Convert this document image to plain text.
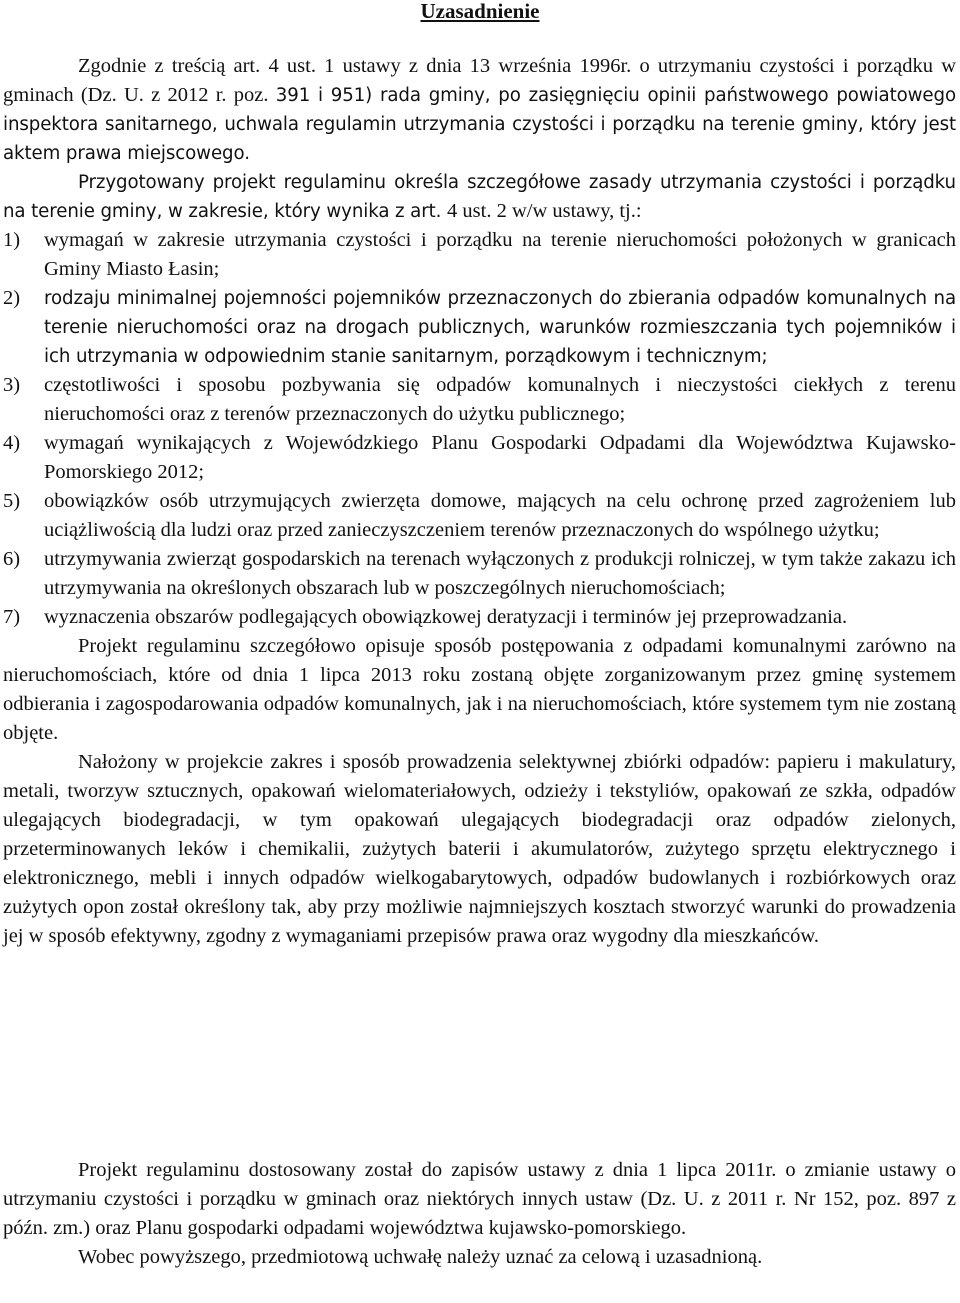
Uzasadnienie

Zgodnie z treścią art. 4 ust. 1 ustawy z dnia 13 września 1996r. o utrzymaniu czystości i porządku w gminach (Dz. U. z 2012 r. poz. 391 i 951) rada gminy, po zasięgnięciu opinii państwowego powiatowego inspektora sanitarnego, uchwala regulamin utrzymania czystości i porządku na terenie gminy, który jest aktem prawa miejscowego.

Przygotowany projekt regulaminu określa szczegółowe zasady utrzymania czystości i porządku na terenie gminy, w zakresie, który wynika z art. 4 ust. 2 w/w ustawy, tj.:

1) wymagań w zakresie utrzymania czystości i porządku na terenie nieruchomości położonych w granicach Gminy Miasto Łasin;
2) rodzaju minimalnej pojemności pojemników przeznaczonych do zbierania odpadów komunalnych na terenie nieruchomości oraz na drogach publicznych, warunków rozmieszczania tych pojemników i ich utrzymania w odpowiednim stanie sanitarnym, porządkowym i technicznym;
3) częstotliwości i sposobu pozbywania się odpadów komunalnych i nieczystości ciekłych z terenu nieruchomości oraz z terenów przeznaczonych do użytku publicznego;
4) wymagań wynikających z Wojewódzkiego Planu Gospodarki Odpadami dla Województwa Kujawsko-Pomorskiego 2012;
5) obowiązków osób utrzymujących zwierzęta domowe, mających na celu ochronę przed zagrożeniem lub uciążliwością dla ludzi oraz przed zanieczyszczeniem terenów przeznaczonych do wspólnego użytku;
6) utrzymywania zwierząt gospodarskich na terenach wyłączonych z produkcji rolniczej, w tym także zakazu ich utrzymywania na określonych obszarach lub w poszczególnych nieruchomościach;
7) wyznaczenia obszarów podlegających obowiązkowej deratyzacji i terminów jej przeprowadzania.

Projekt regulaminu szczegółowo opisuje sposób postępowania z odpadami komunalnymi zarówno na nieruchomościach, które od dnia 1 lipca 2013 roku zostaną objęte zorganizowanym przez gminę systemem odbierania i zagospodarowania odpadów komunalnych, jak i na nieruchomościach, które systemem tym nie zostaną objęte.

Nałożony w projekcie zakres i sposób prowadzenia selektywnej zbiórki odpadów: papieru i makulatury, metali, tworzyw sztucznych, opakowań wielomateriałowych, odzieży i tekstyliów, opakowań ze szkła, odpadów ulegających biodegradacji, w tym opakowań ulegających biodegradacji oraz odpadów zielonych, przeterminowanych leków i chemikalii, zużytych baterii i akumulatorów, zużytego sprzętu elektrycznego i elektronicznego, mebli i innych odpadów wielkogabarytowych, odpadów budowlanych i rozbiórkowych oraz zużytych opon został określony tak, aby przy możliwie najmniejszych kosztach stworzyć warunki do prowadzenia jej w sposób efektywny, zgodny z wymaganiami przepisów prawa oraz wygodny dla mieszkańców.

Projekt regulaminu dostosowany został do zapisów ustawy z dnia 1 lipca 2011r. o zmianie ustawy o utrzymaniu czystości i porządku w gminach oraz niektórych innych ustaw (Dz. U. z 2011 r. Nr 152, poz. 897 z późn. zm.) oraz Planu gospodarki odpadami województwa kujawsko-pomorskiego.

Wobec powyższego, przedmiotową uchwałę należy uznać za celową i uzasadnioną.
